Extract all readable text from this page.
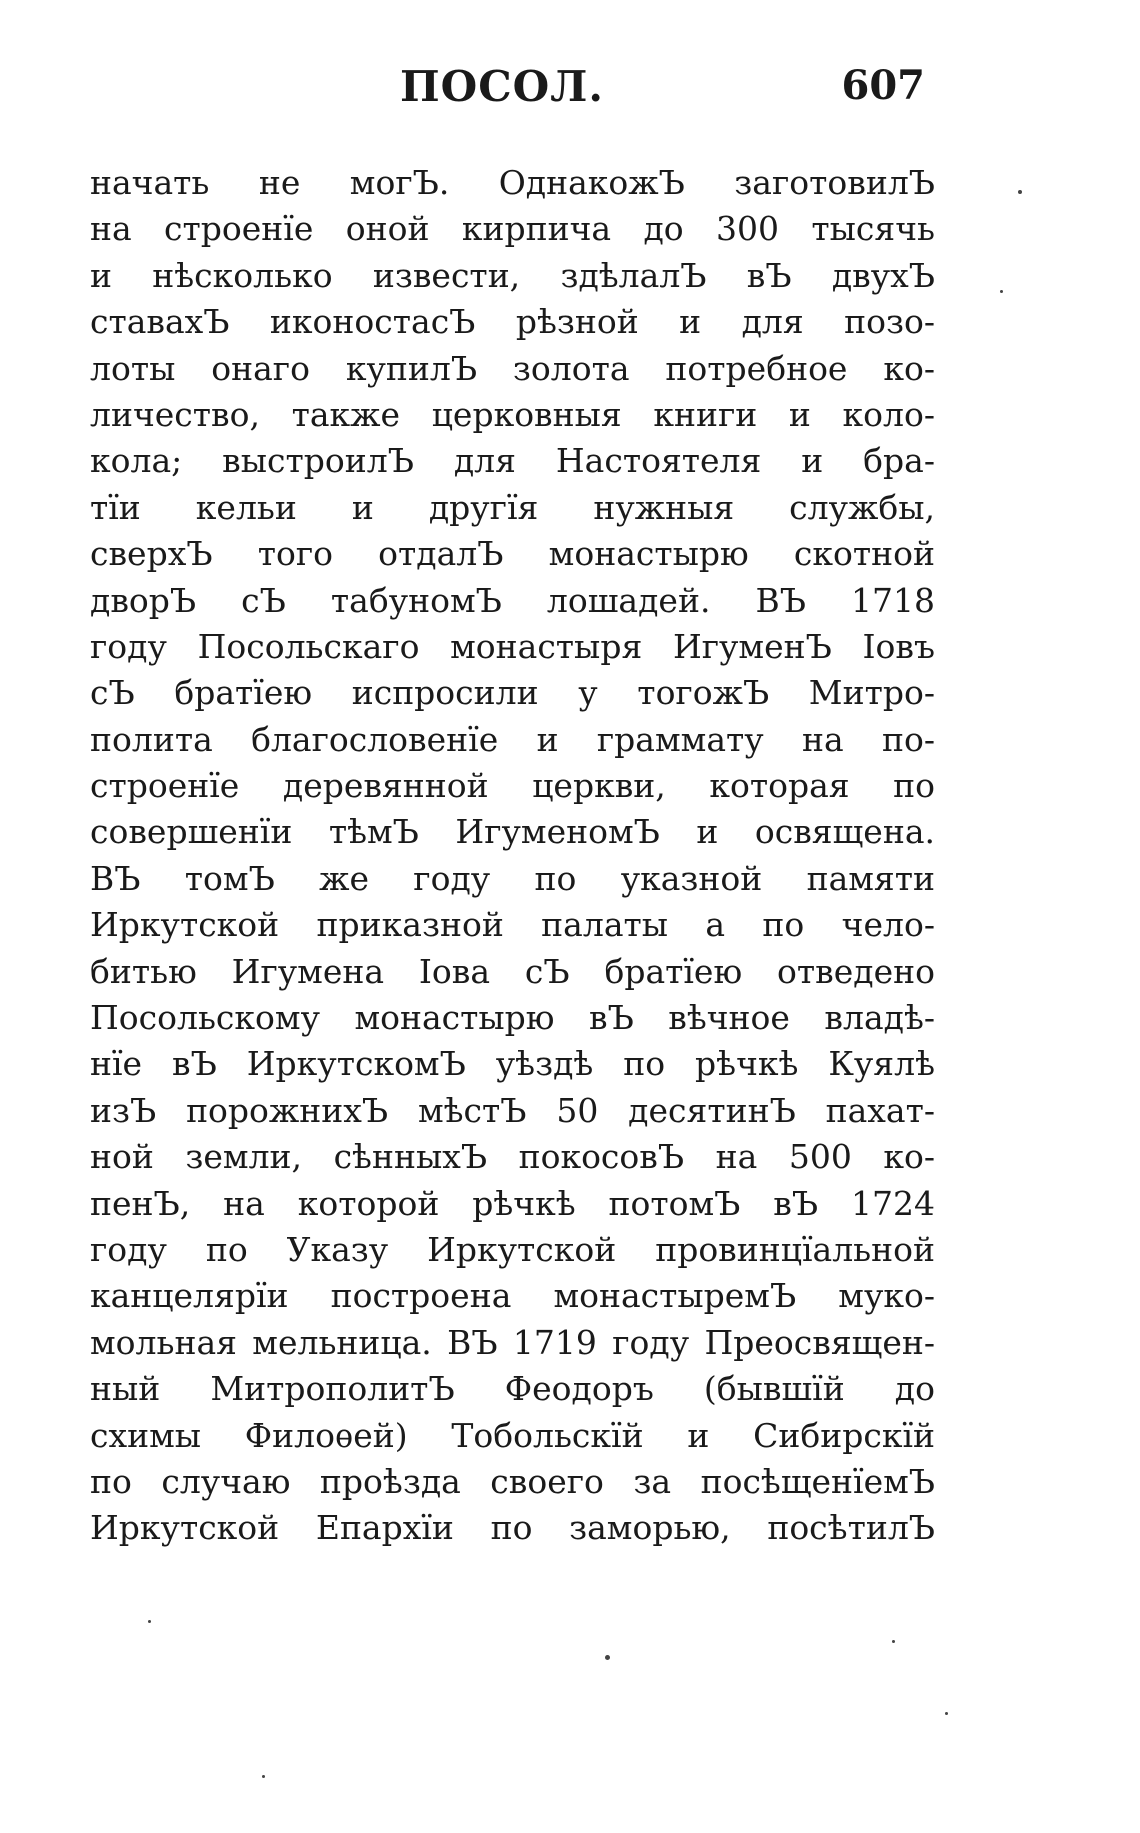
ПОСОЛ.	607
начать не могЪ. ОднакожЪ заготовилЪ
на строенїе оной кирпича до 300 тысячь
и нѣсколько извести, здѣлалЪ вЪ двухЪ
ставахЪ иконостасЪ рѣзной и для позо-
лоты онаго купилЪ золота потребное ко-
личество, также церковныя книги и коло-
кола; выстроилЪ для Настоятеля и бра-
тїи кельи и другїя нужныя службы,
сверхЪ того отдалЪ монастырю скотной
дворЪ сЪ табуномЪ лошадей. ВЪ 1718
году Посольскаго монастыря ИгуменЪ Іовъ
сЪ братїею испросили у тогожЪ Митро-
полита благословенїе и граммату на по-
строенїе деревянной церкви, которая по
совершенїи тѣмЪ ИгуменомЪ и освящена.
ВЪ томЪ же году по указной памяти
Иркутской приказной палаты а по чело-
битью Игумена Іова сЪ братїею отведено
Посольскому монастырю вЪ вѣчное владѣ-
нїе вЪ ИркутскомЪ уѣздѣ по рѣчкѣ Куялѣ
изЪ порожнихЪ мѣстЪ 50 десятинЪ пахат-
ной земли, сѣнныхЪ покосовЪ на 500 ко-
пенЪ, на которой рѣчкѣ потомЪ вЪ 1724
году по Указу Иркутской провинцїальной
канцелярїи построена монастыремЪ муко-
мольная мельница. ВЪ 1719 году Преосвящен-
ный МитрополитЪ Феодоръ (бывшїй до
схимы Филоѳей) Тобольскїй и Сибирскїй
по случаю проѣзда своего за посѣщенїемЪ
Иркутской Епархїи по заморью, посѣтилЪ
